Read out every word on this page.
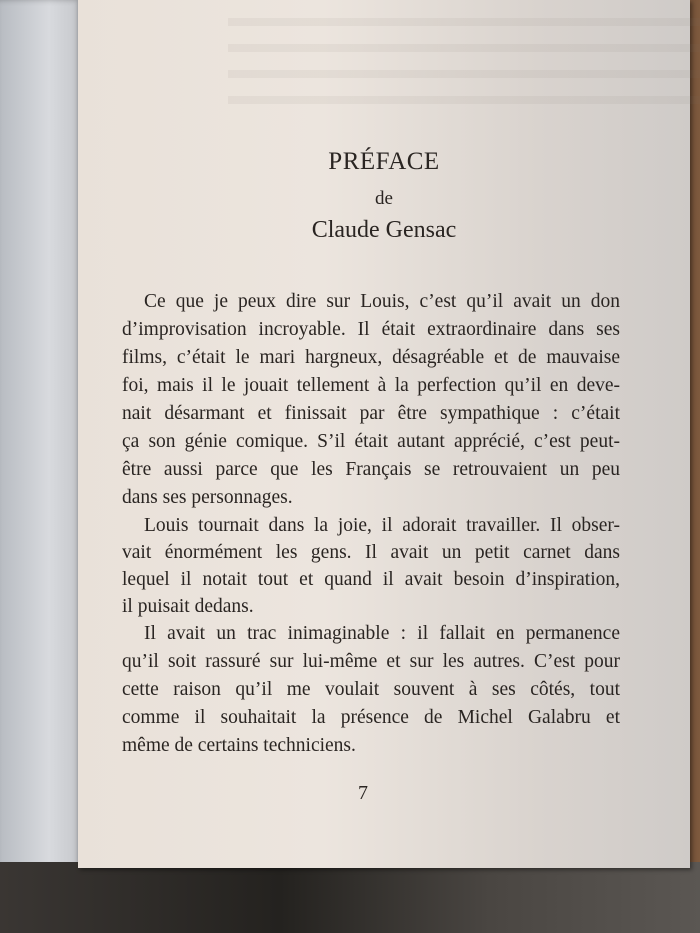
PRÉFACE
de
Claude Gensac
Ce que je peux dire sur Louis, c’est qu’il avait un don
d’improvisation incroyable. Il était extraordinaire dans ses
films, c’était le mari hargneux, désagréable et de mauvaise
foi, mais il le jouait tellement à la perfection qu’il en deve-
nait désarmant et finissait par être sympathique : c’était
ça son génie comique. S’il était autant apprécié, c’est peut-
être aussi parce que les Français se retrouvaient un peu
dans ses personnages.
Louis tournait dans la joie, il adorait travailler. Il obser-
vait énormément les gens. Il avait un petit carnet dans
lequel il notait tout et quand il avait besoin d’inspiration,
il puisait dedans.
Il avait un trac inimaginable : il fallait en permanence
qu’il soit rassuré sur lui-même et sur les autres. C’est pour
cette raison qu’il me voulait souvent à ses côtés, tout
comme il souhaitait la présence de Michel Galabru et
même de certains techniciens.
7
